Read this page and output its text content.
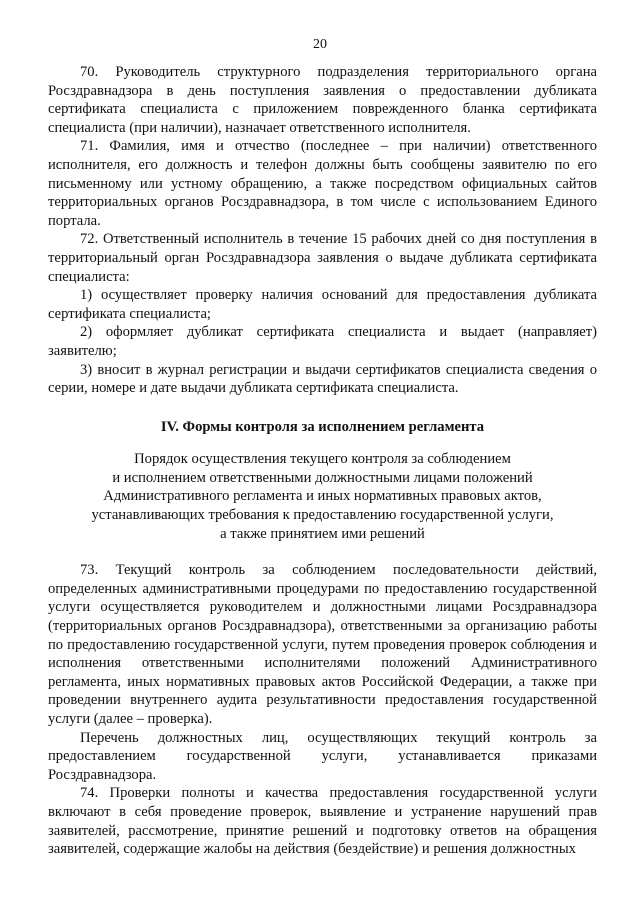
20

70. Руководитель структурного подразделения территориального органа Росздравнадзора в день поступления заявления о предоставлении дубликата сертификата специалиста с приложением поврежденного бланка сертификата специалиста (при наличии), назначает ответственного исполнителя.

71. Фамилия, имя и отчество (последнее – при наличии) ответственного исполнителя, его должность и телефон должны быть сообщены заявителю по его письменному или устному обращению, а также посредством официальных сайтов территориальных органов Росздравнадзора, в том числе с использованием Единого портала.

72. Ответственный исполнитель в течение 15 рабочих дней со дня поступления в территориальный орган Росздравнадзора заявления о выдаче дубликата сертификата специалиста:

1) осуществляет проверку наличия оснований для предоставления дубликата сертификата специалиста;

2) оформляет дубликат сертификата специалиста и выдает (направляет) заявителю;

3) вносит в журнал регистрации и выдачи сертификатов специалиста сведения о серии, номере и дате выдачи дубликата сертификата специалиста.

IV. Формы контроля за исполнением регламента

Порядок осуществления текущего контроля за соблюдением
и исполнением ответственными должностными лицами положений
Административного регламента и иных нормативных правовых актов,
устанавливающих требования к предоставлению государственной услуги,
а также принятием ими решений

73. Текущий контроль за соблюдением последовательности действий, определенных административными процедурами по предоставлению государственной услуги осуществляется руководителем и должностными лицами Росздравнадзора (территориальных органов Росздравнадзора), ответственными за организацию работы по предоставлению государственной услуги, путем проведения проверок соблюдения и исполнения ответственными исполнителями положений Административного регламента, иных нормативных правовых актов Российской Федерации, а также при проведении внутреннего аудита результативности предоставления государственной услуги (далее – проверка).

Перечень должностных лиц, осуществляющих текущий контроль за предоставлением государственной услуги, устанавливается приказами Росздравнадзора.

74. Проверки полноты и качества предоставления государственной услуги включают в себя проведение проверок, выявление и устранение нарушений прав заявителей, рассмотрение, принятие решений и подготовку ответов на обращения заявителей, содержащие жалобы на действия (бездействие) и решения должностных
